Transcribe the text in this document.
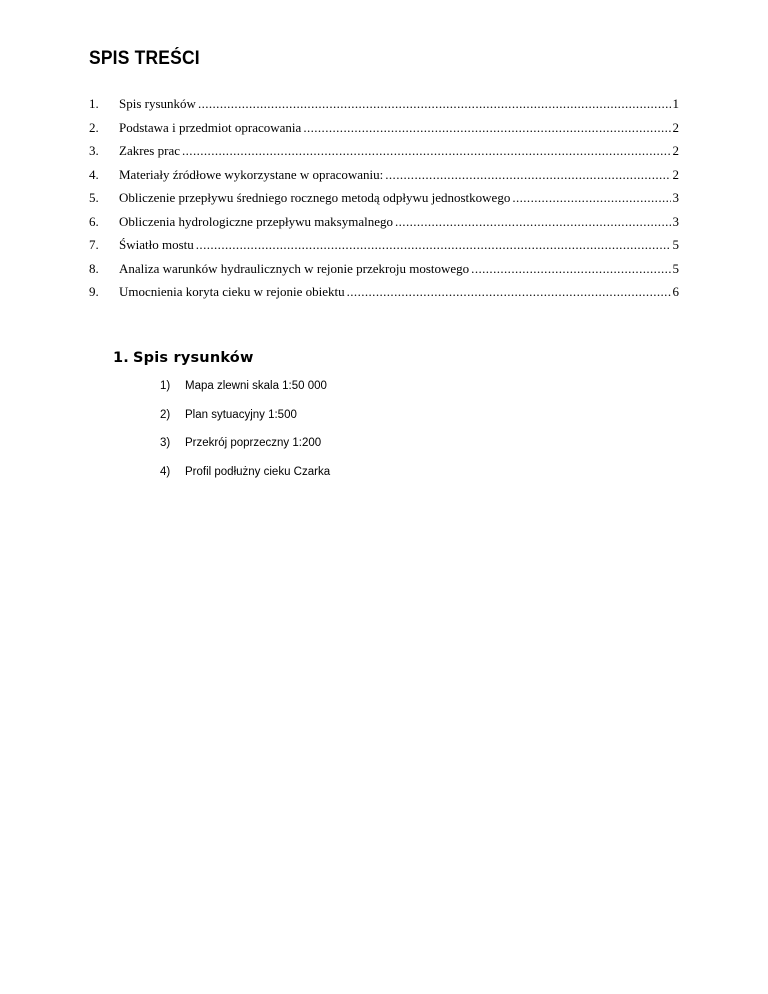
SPIS TREŚCI
1.	Spis rysunków .....	1
2.	Podstawa i przedmiot opracowania .....	2
3.	Zakres prac .....	2
4.	Materiały źródłowe wykorzystane w opracowaniu: .....	2
5.	Obliczenie przepływu średniego rocznego metodą odpływu jednostkowego .....	3
6.	Obliczenia hydrologiczne przepływu maksymalnego .....	3
7.	Światło mostu .....	5
8.	Analiza warunków hydraulicznych w rejonie przekroju mostowego .....	5
9.	Umocnienia koryta cieku w rejonie obiektu .....	6
1. Spis rysunków
1) Mapa zlewni skala 1:50 000
2) Plan sytuacyjny 1:500
3) Przekrój poprzeczny 1:200
4) Profil podłużny cieku Czarka
